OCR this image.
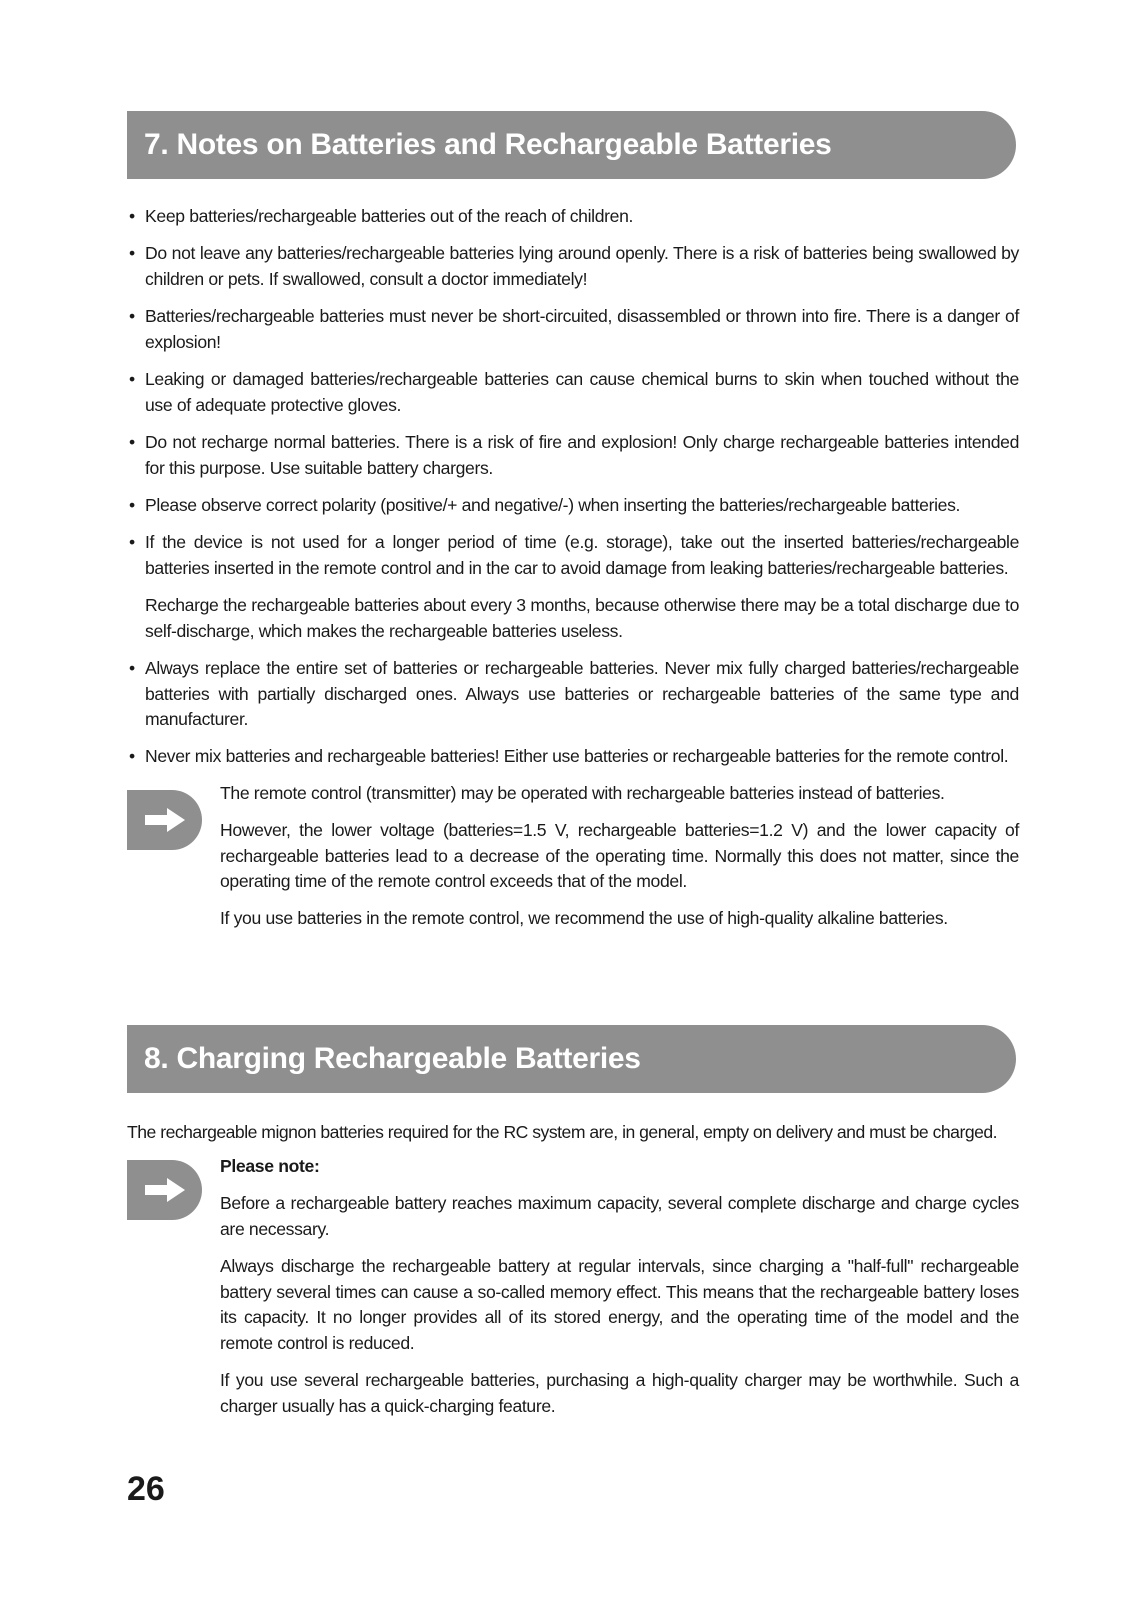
7. Notes on Batteries and Rechargeable Batteries

• Keep batteries/rechargeable batteries out of the reach of children.

• Do not leave any batteries/rechargeable batteries lying around openly. There is a risk of batteries being swallowed by children or pets. If swallowed, consult a doctor immediately!

• Batteries/rechargeable batteries must never be short-circuited, disassembled or thrown into fire. There is a danger of explosion!

• Leaking or damaged batteries/rechargeable batteries can cause chemical burns to skin when touched without the use of adequate protective gloves.

• Do not recharge normal batteries. There is a risk of fire and explosion! Only charge rechargeable batteries intended for this purpose. Use suitable battery chargers.

• Please observe correct polarity (positive/+ and negative/-) when inserting the batteries/rechargeable batteries.

• If the device is not used for a longer period of time (e.g. storage), take out the inserted batteries/rechargeable batteries inserted in the remote control and in the car to avoid damage from leaking batteries/rechargeable batteries.

Recharge the rechargeable batteries about every 3 months, because otherwise there may be a total discharge due to self-discharge, which makes the rechargeable batteries useless.

• Always replace the entire set of batteries or rechargeable batteries. Never mix fully charged batteries/rechargeable batteries with partially discharged ones. Always use batteries or rechargeable batteries of the same type and manufacturer.

• Never mix batteries and rechargeable batteries! Either use batteries or rechargeable batteries for the remote control.

The remote control (transmitter) may be operated with rechargeable batteries instead of batteries.

However, the lower voltage (batteries=1.5 V, rechargeable batteries=1.2 V) and the lower capacity of rechargeable batteries lead to a decrease of the operating time. Normally this does not matter, since the operating time of the remote control exceeds that of the model.

If you use batteries in the remote control, we recommend the use of high-quality alkaline batteries.

8. Charging Rechargeable Batteries

The rechargeable mignon batteries required for the RC system are, in general, empty on delivery and must be charged.

Please note:

Before a rechargeable battery reaches maximum capacity, several complete discharge and charge cycles are necessary.

Always discharge the rechargeable battery at regular intervals, since charging a "half-full" rechargeable battery several times can cause a so-called memory effect. This means that the rechargeable battery loses its capacity. It no longer provides all of its stored energy, and the operating time of the model and the remote control is reduced.

If you use several rechargeable batteries, purchasing a high-quality charger may be worthwhile. Such a charger usually has a quick-charging feature.

26
